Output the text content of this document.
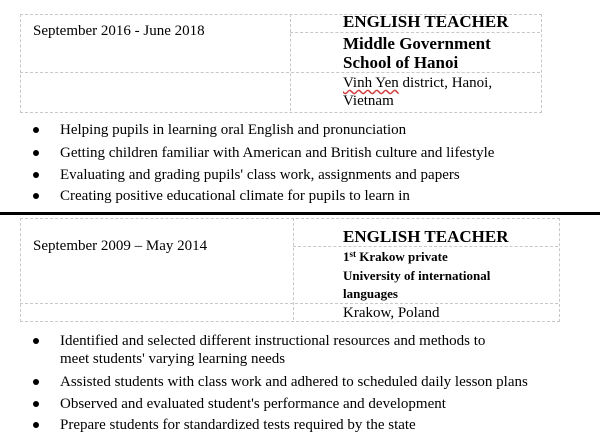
September 2016 - June 2018	ENGLISH TEACHER
Middle Government
School of Hanoi
Vinh Yen district, Hanoi,
Vietnam
Helping pupils in learning oral English and pronunciation
Getting children familiar with American and British culture and lifestyle
Evaluating and grading pupils' class work, assignments and papers
Creating positive educational climate for pupils to learn in
September 2009 – May 2014	ENGLISH TEACHER
1st Krakow private
University of international
languages
Krakow, Poland
Identified and selected different instructional resources and methods to
meet students' varying learning needs
Assisted students with class work and adhered to scheduled daily lesson plans
Observed and evaluated student's performance and development
Prepare students for standardized tests required by the state
